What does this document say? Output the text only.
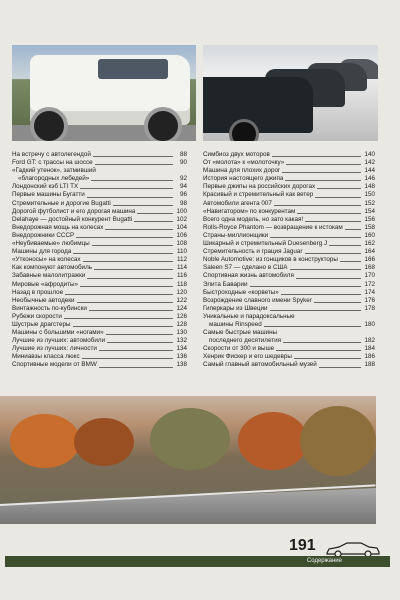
На встречу с автолегендой	88
Ford GT: с трассы на шоссе	90
«Гадкий утенок», затмивший
«благородных лебедей»	92
Лондонский кэб LTI TX	94
Первые машины Бугатти	96
Стремительные и дорогие Bugatti	98
Дорогой футболист и его дорогая машина	100
Delahaye — достойный конкурент Bugatti	102
Внедорожная мощь на колесах	104
Внедорожники СССР	106
«Неубиваемые» любимцы	108
Машины для города	110
«Утконосы» на колесах	112
Как компонуют автомобиль	114
Забавные малолитражки	116
Мировые «афродиты»	118
Назад в прошлое	120
Необычные автодеки	122
Винтажность по-кубински	124
Рубежи скорости	126
Шустрые драгстеры	128
Машины с большими «ногами»	130
Лучшие из лучших: автомобили	132
Лучшие из лучших: личности	134
Миниавзы класса люкс	136
Спортивные модели от BMW	138
Симбиоз двух моторов	140
От «молота» к «молоточку»	142
Машина для плохих дорог	144
История настоящего джипа	146
Первые джипы на российских дорогах	148
Красивый и стремительный как ветер	150
Автомобили агента 007	152
«Навигатором» по конкурентам	154
Всего одна модель, но зато какая!	156
Rolls-Royce Phantom — возвращение к истокам	158
Страны-миллионщики	160
Шикарный и стремительный Duesenberg J	162
Стремительность и грация Jaguar	164
Noble Automotive: из гонщиков в конструкторы	166
Saleen S7 — сделано в США	168
Спортивная жизнь автомобиля	170
Элита Баварии	172
Быстроходные «корветы»	174
Возрождение славного имени Spyker	176
Гиперкары из Швеции	178
Уникальные и парадоксальные
машины Rinspeed	180
Самые быстрые машины
последнего десятилетия	182
Скорости от 300 и выше	184
Хенрик Фискер и его шедевры	186
Самый главный автомобильный музей	188
191
Содержание
